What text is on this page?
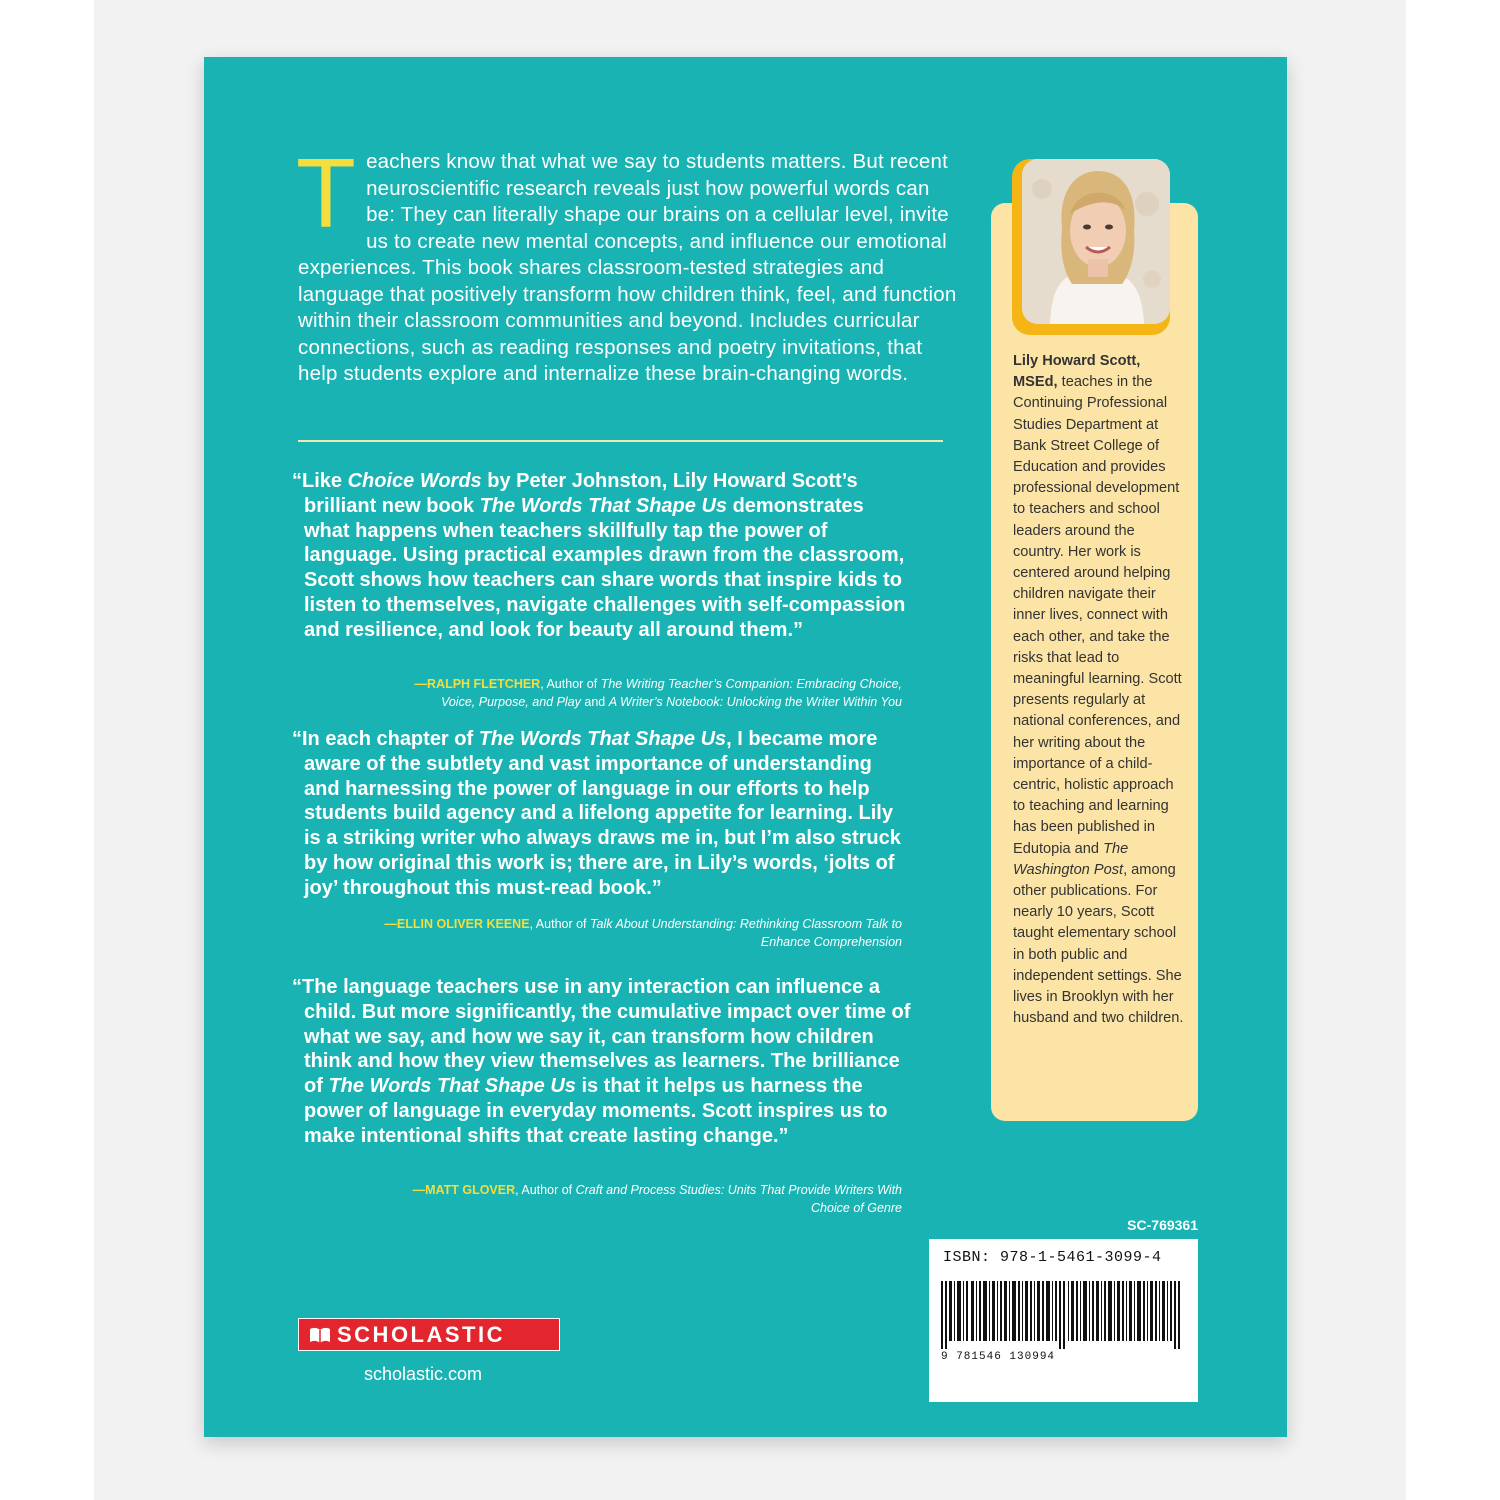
Teachers know that what we say to students matters. But recent neuroscientific research reveals just how powerful words can be: They can literally shape our brains on a cellular level, invite us to create new mental concepts, and influence our emotional experiences. This book shares classroom-tested strategies and language that positively transform how children think, feel, and function within their classroom communities and beyond. Includes curricular connections, such as reading responses and poetry invitations, that help students explore and internalize these brain-changing words.
“Like Choice Words by Peter Johnston, Lily Howard Scott’s brilliant new book The Words That Shape Us demonstrates what happens when teachers skillfully tap the power of language. Using practical examples drawn from the classroom, Scott shows how teachers can share words that inspire kids to listen to themselves, navigate challenges with self-compassion and resilience, and look for beauty all around them.”
—RALPH FLETCHER, Author of The Writing Teacher’s Companion: Embracing Choice, Voice, Purpose, and Play and A Writer’s Notebook: Unlocking the Writer Within You
“In each chapter of The Words That Shape Us, I became more aware of the subtlety and vast importance of understanding and harnessing the power of language in our efforts to help students build agency and a lifelong appetite for learning. Lily is a striking writer who always draws me in, but I’m also struck by how original this work is; there are, in Lily’s words, ‘jolts of joy’ throughout this must-read book.”
—ELLIN OLIVER KEENE, Author of Talk About Understanding: Rethinking Classroom Talk to Enhance Comprehension
“The language teachers use in any interaction can influence a child. But more significantly, the cumulative impact over time of what we say, and how we say it, can transform how children think and how they view themselves as learners. The brilliance of The Words That Shape Us is that it helps us harness the power of language in everyday moments. Scott inspires us to make intentional shifts that create lasting change.”
—MATT GLOVER, Author of Craft and Process Studies: Units That Provide Writers With Choice of Genre
Lily Howard Scott, MSEd, teaches in the Continuing Professional Studies Department at Bank Street College of Education and provides professional development to teachers and school leaders around the country. Her work is centered around helping children navigate their inner lives, connect with each other, and take the risks that lead to meaningful learning. Scott presents regularly at national conferences, and her writing about the importance of a child-centric, holistic approach to teaching and learning has been published in Edutopia and The Washington Post, among other publications. For nearly 10 years, Scott taught elementary school in both public and independent settings. She lives in Brooklyn with her husband and two children.
SC-769361
ISBN: 978-1-5461-3099-4
9 781546 130994
SCHOLASTIC
scholastic.com
